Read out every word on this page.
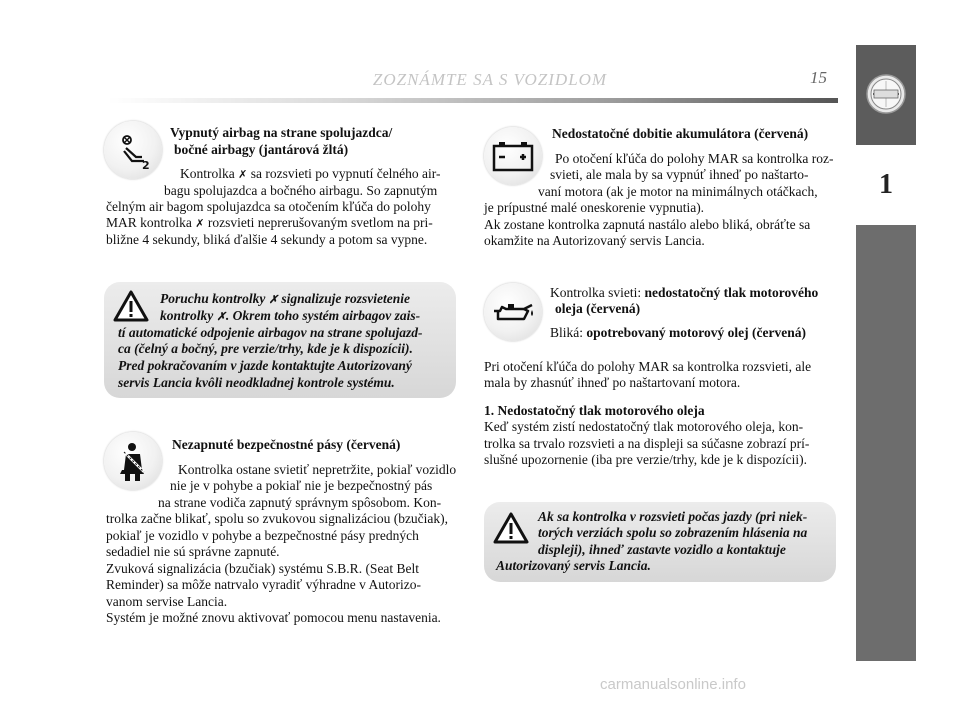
ZOZNÁMTE SA S VOZIDLOM	15
1
2
Vypnutý airbag na strane spolujazdca/
bočné airbagy (jantárová žltá)
Kontrolka ✗ sa rozsvieti po vypnutí čelného air-
bagu spolujazdca a bočného airbagu. So zapnutým
čelným air bagom spolujazdca sa otočením kľúča do polohy
MAR kontrolka ✗ rozsvieti neprerušovaným svetlom na pri-
bližne 4 sekundy, bliká ďalšie 4 sekundy a potom sa vypne.
Poruchu kontrolky ✗ signalizuje rozsvietenie
kontrolky ✗. Okrem toho systém airbagov zais-
tí automatické odpojenie airbagov na strane spolujazd-
ca (čelný a bočný, pre verzie/trhy, kde je k dispozícii).
Pred pokračovaním v jazde kontaktujte Autorizovaný
servis Lancia kvôli neodkladnej kontrole systému.
Nezapnuté bezpečnostné pásy (červená)
Kontrolka ostane svietiť nepretržite, pokiaľ vozidlo
nie je v pohybe a pokiaľ nie je bezpečnostný pás
na strane vodiča zapnutý správnym spôsobom. Kon-
trolka začne blikať, spolu so zvukovou signalizáciou (bzučiak),
pokiaľ je vozidlo v pohybe a bezpečnostné pásy predných
sedadiel nie sú správne zapnuté.
Zvuková signalizácia (bzučiak) systému S.B.R. (Seat Belt
Reminder) sa môže natrvalo vyradiť výhradne v Autorizo-
vanom servise Lancia.
Systém je možné znovu aktivovať pomocou menu nastavenia.
Nedostatočné dobitie akumulátora (červená)
Po otočení kľúča do polohy MAR sa kontrolka roz-
svieti, ale mala by sa vypnúť ihneď po naštarto-
vaní motora (ak je motor na minimálnych otáčkach,
je prípustné malé oneskorenie vypnutia).
Ak zostane kontrolka zapnutá nastálo alebo bliká, obráťte sa
okamžite na Autorizovaný servis Lancia.
Kontrolka svieti: nedostatočný tlak motorového
oleja (červená)
Bliká: opotrebovaný motorový olej (červená)
Pri otočení kľúča do polohy MAR sa kontrolka rozsvieti, ale
mala by zhasnúť ihneď po naštartovaní motora.
1. Nedostatočný tlak motorového oleja
Keď systém zistí nedostatočný tlak motorového oleja, kon-
trolka sa trvalo rozsvieti a na displeji sa súčasne zobrazí prí-
slušné upozornenie (iba pre verzie/trhy, kde je k dispozícii).
Ak sa kontrolka v rozsvieti počas jazdy (pri niek-
torých verziách spolu so zobrazením hlásenia na
displeji), ihneď zastavte vozidlo a kontaktuje
Autorizovaný servis Lancia.
carmanualsonline.info
